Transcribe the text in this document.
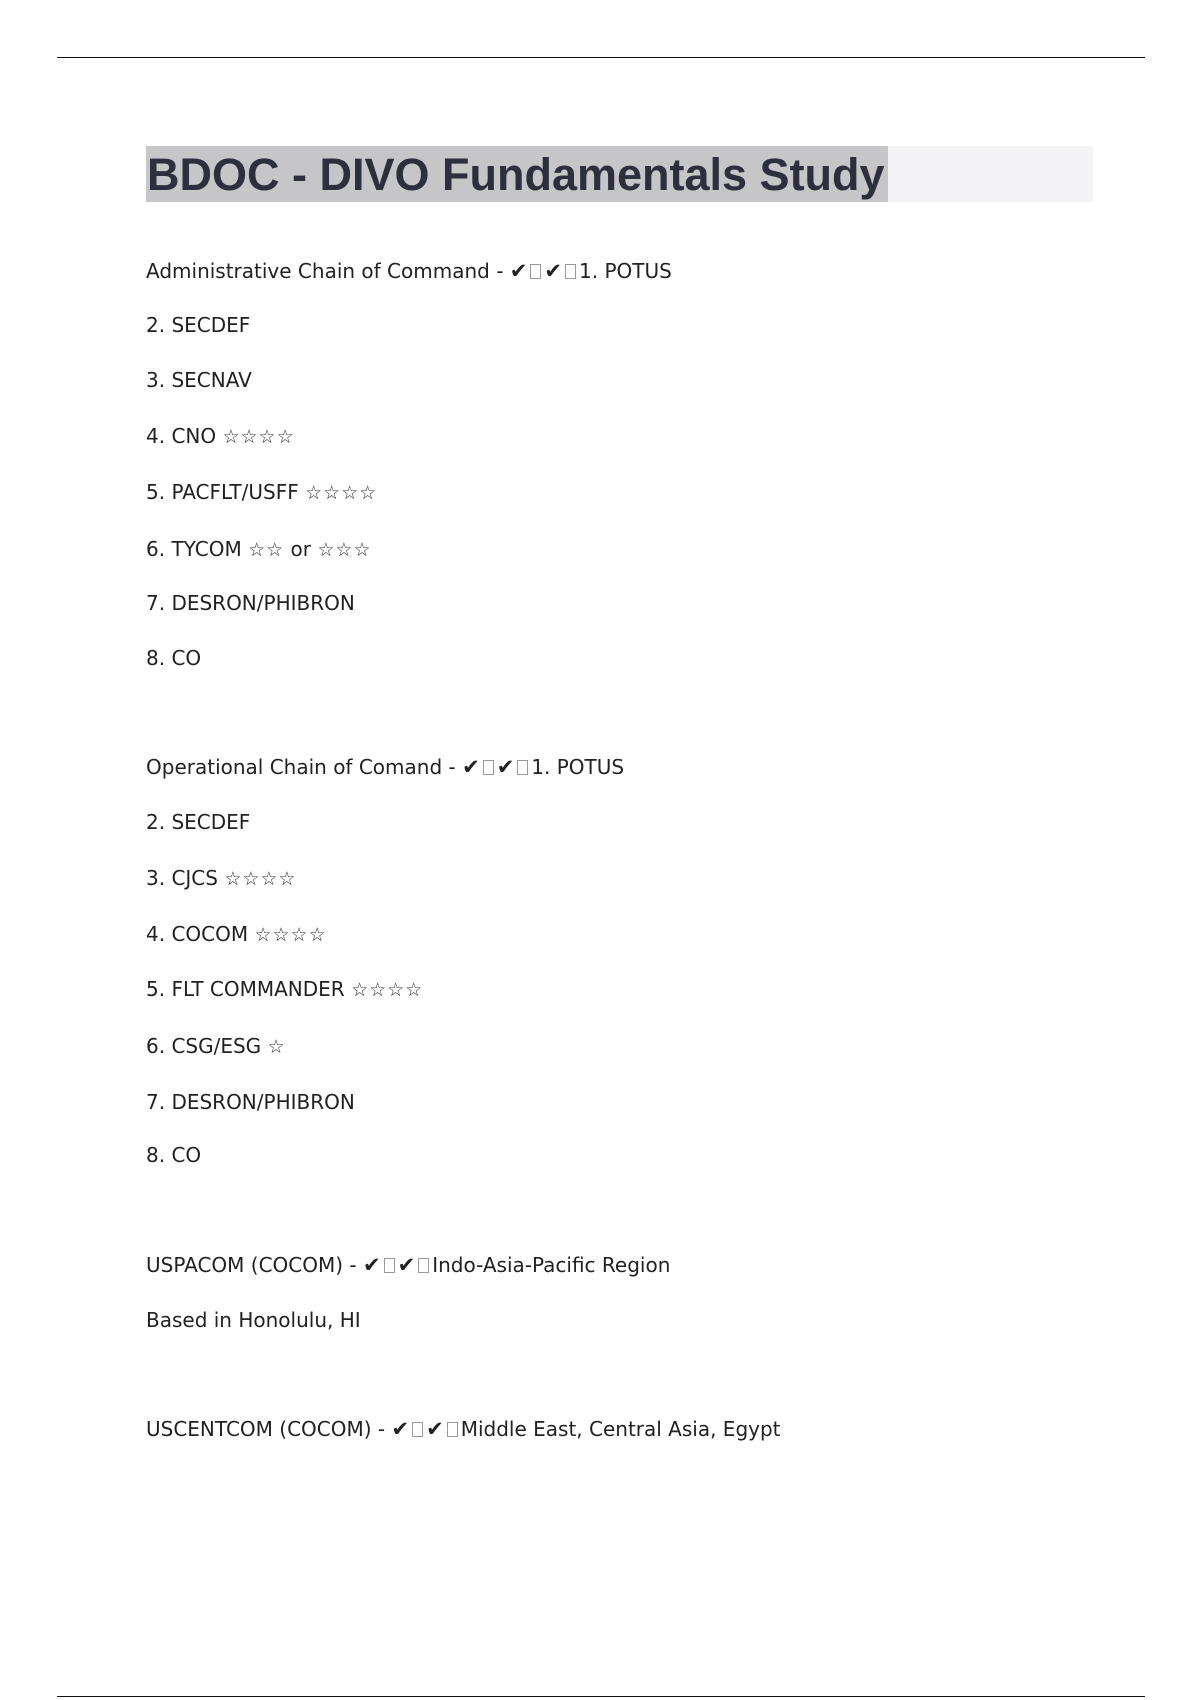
BDOC - DIVO Fundamentals Study
Administrative Chain of Command - ✔ ✔ 1. POTUS
2. SECDEF
3. SECNAV
4. CNO ☆☆☆☆
5. PACFLT/USFF ☆☆☆☆
6. TYCOM ☆☆ or ☆☆☆
7. DESRON/PHIBRON
8. CO
Operational Chain of Comand - ✔ ✔ 1. POTUS
2. SECDEF
3. CJCS ☆☆☆☆
4. COCOM ☆☆☆☆
5. FLT COMMANDER ☆☆☆☆
6. CSG/ESG ☆
7. DESRON/PHIBRON
8. CO
USPACOM (COCOM) - ✔ ✔ Indo-Asia-Pacific Region
Based in Honolulu, HI
USCENTCOM (COCOM) - ✔ ✔ Middle East, Central Asia, Egypt
